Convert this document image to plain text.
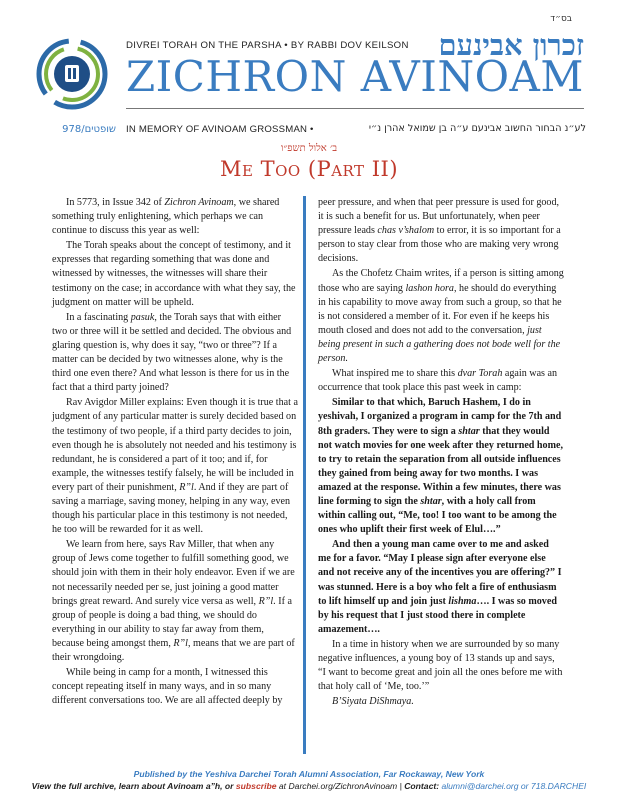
בס״ד
DIVREI TORAH ON THE PARSHA • BY RABBI DOV KEILSON	זכרון אבינעם
ZICHRON AVINOAM
שופטים/978 IN MEMORY OF AVINOAM GROSSMAN •	לע״נ הבחור החשוב אבינעם ע״ה בן שמואל אהרן נ״י
ב׳ אלול תשפ״ו
Me Too (Part II)

In 5773, in Issue 342 of Zichron Avinoam, we shared something truly enlightening, which perhaps we can continue to discuss this year as well:

The Torah speaks about the concept of testimony, and it expresses that regarding something that was done and witnessed by witnesses, the witnesses will share their testimony on the case; in accordance with what they say, the judgment on matter will be upheld.

In a fascinating pasuk, the Torah says that with either two or three will it be settled and decided. The obvious and glaring question is, why does it say, “two or three”? If a matter can be decided by two witnesses alone, why is the third one even there? And what lesson is there for us in the fact that a third party joined?

Rav Avigdor Miller explains: Even though it is true that a judgment of any particular matter is surely decided based on the testimony of two people, if a third party decides to join, even though he is absolutely not needed and his testimony is redundant, he is considered a part of it too; and if, for example, the witnesses testify falsely, he will be included in every part of their punishment, R”l. And if they are part of saving a marriage, saving money, helping in any way, even though his particular place in this testimony is not needed, he too will be rewarded for it as well.

We learn from here, says Rav Miller, that when any group of Jews come together to fulfill something good, we should join with them in their holy endeavor. Even if we are not necessarily needed per se, just joining a good matter brings great reward. And surely vice versa as well, R”l. If a group of people is doing a bad thing, we should do everything in our ability to stay far away from them, because being amongst them, R”l, means that we are part of their wrongdoing.

While being in camp for a month, I witnessed this concept repeating itself in many ways, and in so many different conversations too. We are all affected deeply by

peer pressure, and when that peer pressure is used for good, it is such a benefit for us. But unfortunately, when peer pressure leads chas v’shalom to error, it is so important for a person to stay clear from those who are making very wrong decisions.

As the Chofetz Chaim writes, if a person is sitting among those who are saying lashon hora, he should do everything in his capability to move away from such a group, so that he is not considered a member of it. For even if he keeps his mouth closed and does not add to the conversation, just being present in such a gathering does not bode well for the person.

What inspired me to share this dvar Torah again was an occurrence that took place this past week in camp:

Similar to that which, Baruch Hashem, I do in yeshivah, I organized a program in camp for the 7th and 8th graders. They were to sign a shtar that they would not watch movies for one week after they returned home, to try to retain the separation from all outside influences they gained from being away for two months. I was amazed at the response. Within a few minutes, there was line forming to sign the shtar, with a holy call from within calling out, “Me, too! I too want to be among the ones who uplift their first week of Elul….”

And then a young man came over to me and asked me for a favor. “May I please sign after everyone else and not receive any of the incentives you are offering?” I was stunned. Here is a boy who felt a fire of enthusiasm to lift himself up and join just lishma…. I was so moved by his request that I just stood there in complete amazement….

In a time in history when we are surrounded by so many negative influences, a young boy of 13 stands up and says, “I want to become great and join all the ones before me with that holy call of ‘Me, too.’”

B’Siyata DiShmaya.

Published by the Yeshiva Darchei Torah Alumni Association, Far Rockaway, New York
View the full archive, learn about Avinoam a”h, or subscribe at Darchei.org/ZichronAvinoam | Contact: alumni@darchei.org or 718.DARCHEI
